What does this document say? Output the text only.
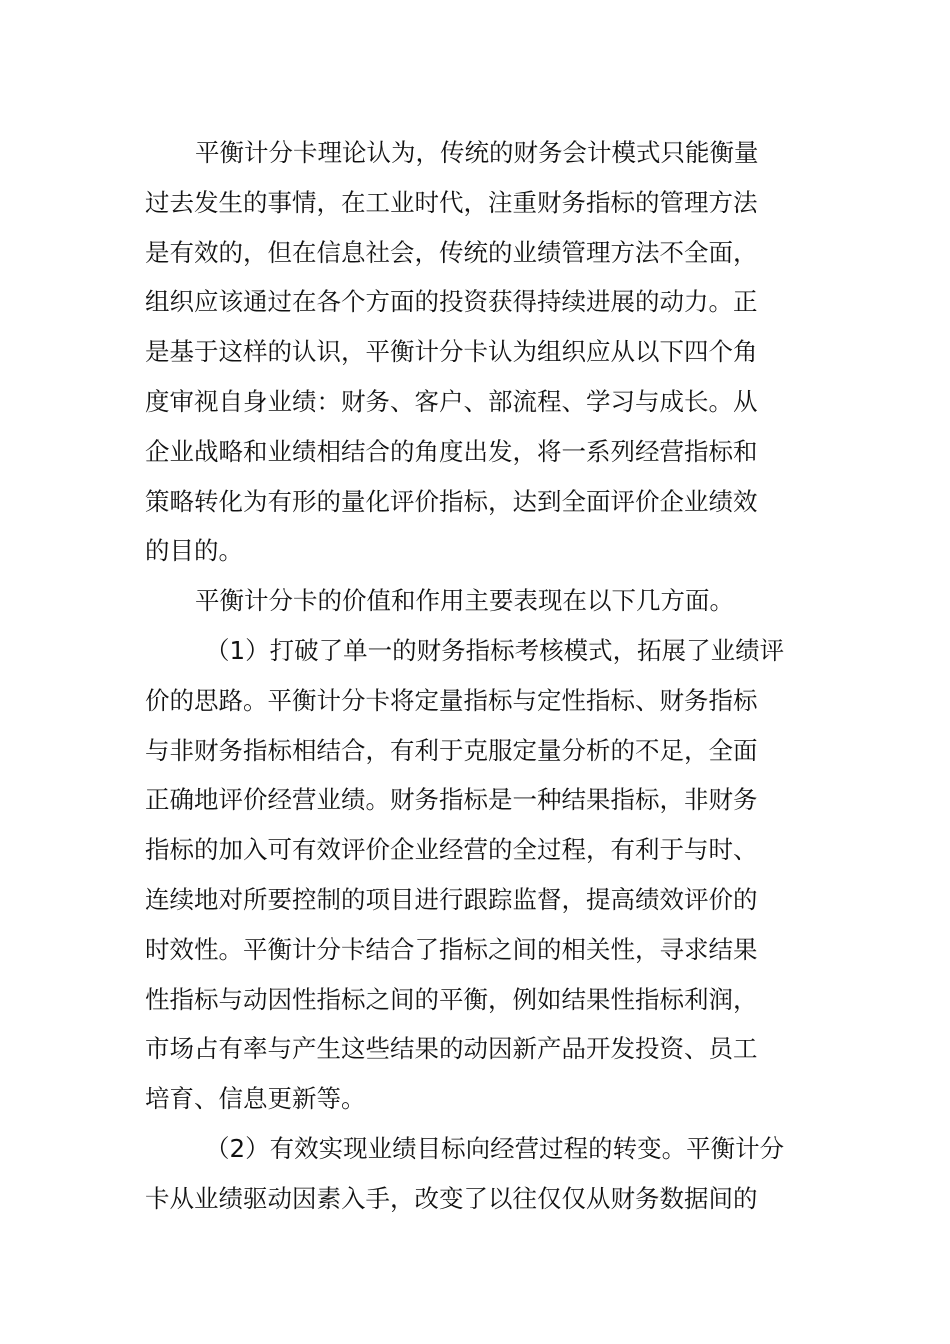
平衡计分卡理论认为，传统的财务会计模式只能衡量
过去发生的事情，在工业时代，注重财务指标的管理方法
是有效的，但在信息社会，传统的业绩管理方法不全面，
组织应该通过在各个方面的投资获得持续进展的动力。正
是基于这样的认识，平衡计分卡认为组织应从以下四个角
度审视自身业绩：财务、客户、部流程、学习与成长。从
企业战略和业绩相结合的角度出发，将一系列经营指标和
策略转化为有形的量化评价指标，达到全面评价企业绩效
的目的。
平衡计分卡的价值和作用主要表现在以下几方面。
（1）打破了单一的财务指标考核模式，拓展了业绩评
价的思路。平衡计分卡将定量指标与定性指标、财务指标
与非财务指标相结合，有利于克服定量分析的不足，全面
正确地评价经营业绩。财务指标是一种结果指标，非财务
指标的加入可有效评价企业经营的全过程，有利于与时、
连续地对所要控制的项目进行跟踪监督，提高绩效评价的
时效性。平衡计分卡结合了指标之间的相关性，寻求结果
性指标与动因性指标之间的平衡，例如结果性指标利润，
市场占有率与产生这些结果的动因新产品开发投资、员工
培育、信息更新等。
（2）有效实现业绩目标向经营过程的转变。平衡计分
卡从业绩驱动因素入手，改变了以往仅仅从财务数据间的
